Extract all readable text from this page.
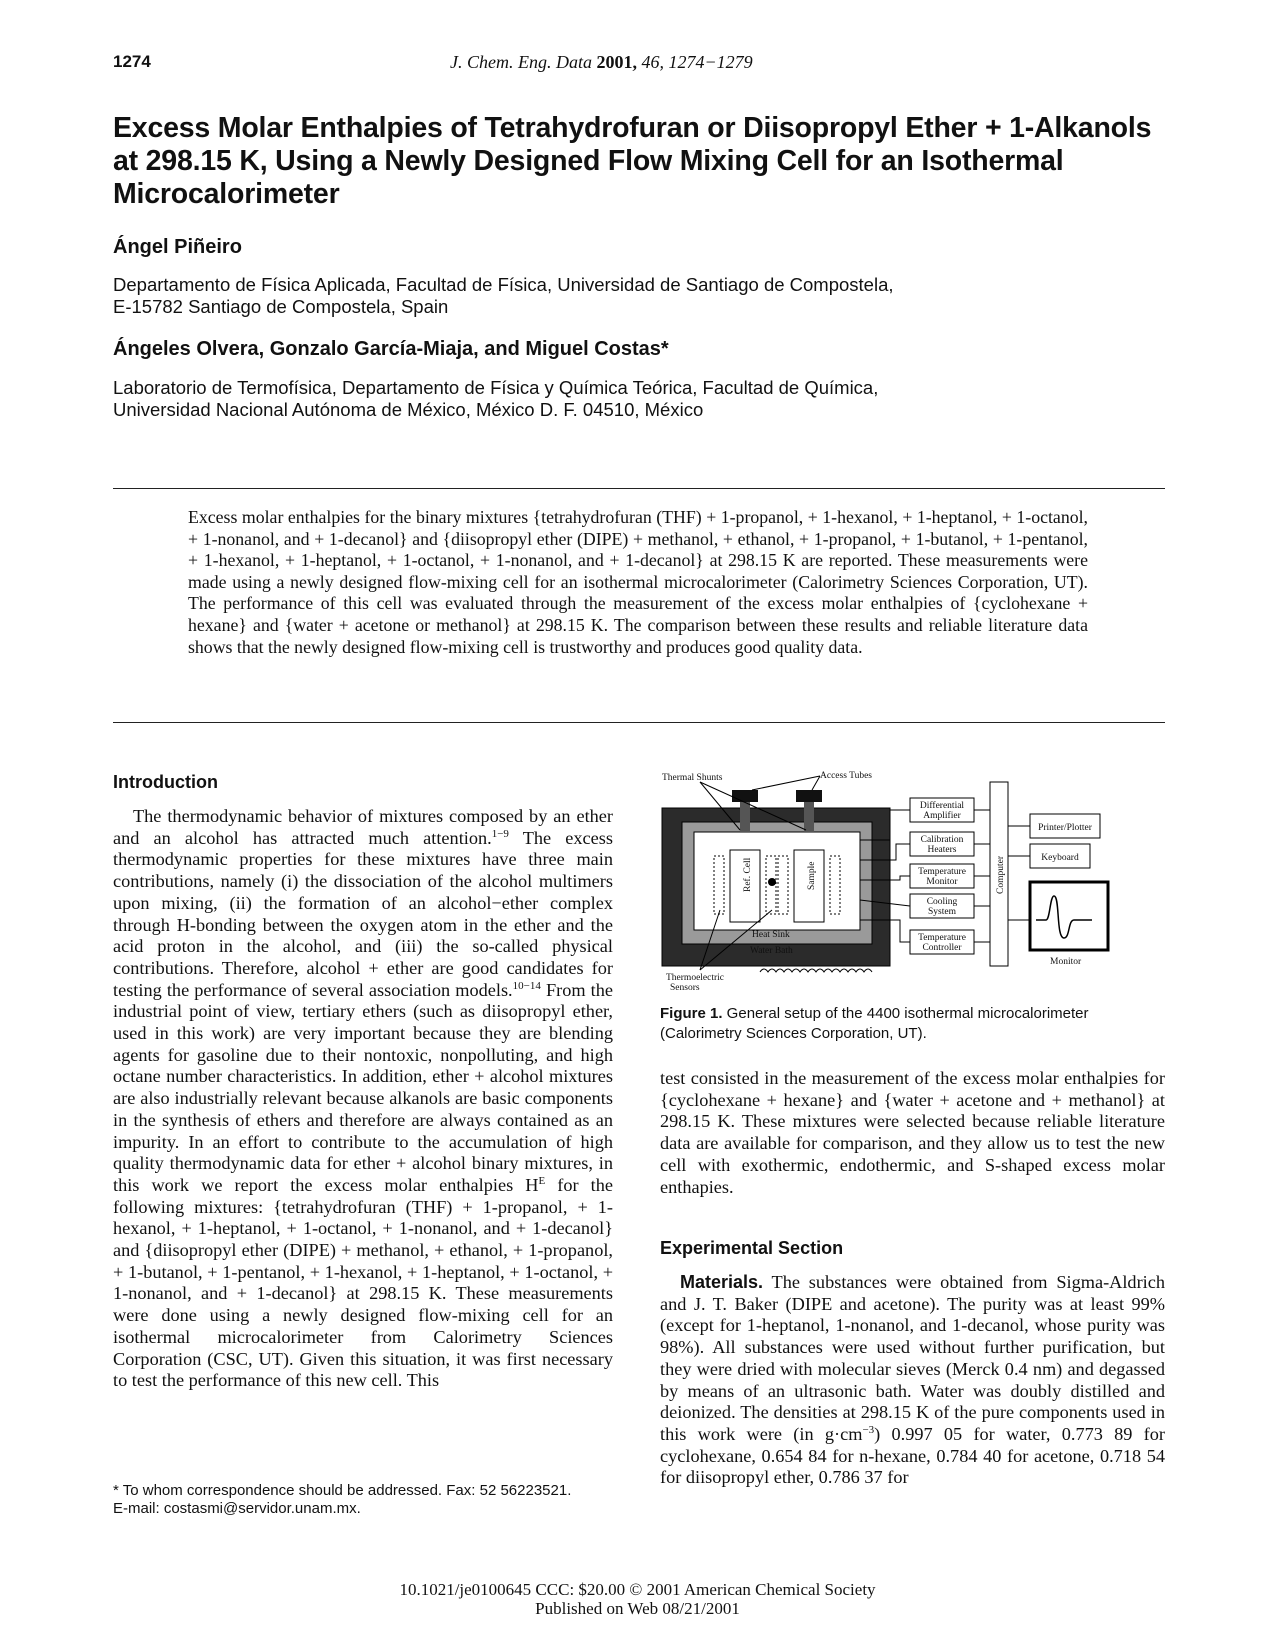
1274	J. Chem. Eng. Data 2001, 46, 1274−1279
Excess Molar Enthalpies of Tetrahydrofuran or Diisopropyl Ether + 1-Alkanols at 298.15 K, Using a Newly Designed Flow Mixing Cell for an Isothermal Microcalorimeter
Ángel Piñeiro
Departamento de Física Aplicada, Facultad de Física, Universidad de Santiago de Compostela,
E-15782 Santiago de Compostela, Spain
Ángeles Olvera, Gonzalo García-Miaja, and Miguel Costas*
Laboratorio de Termofísica, Departamento de Física y Química Teórica, Facultad de Química,
Universidad Nacional Autónoma de México, México D. F. 04510, México
Excess molar enthalpies for the binary mixtures {tetrahydrofuran (THF) + 1-propanol, + 1-hexanol, + 1-heptanol, + 1-octanol, + 1-nonanol, and + 1-decanol} and {diisopropyl ether (DIPE) + methanol, + ethanol, + 1-propanol, + 1-butanol, + 1-pentanol, + 1-hexanol, + 1-heptanol, + 1-octanol, + 1-nonanol, and + 1-decanol} at 298.15 K are reported. These measurements were made using a newly designed flow-mixing cell for an isothermal microcalorimeter (Calorimetry Sciences Corporation, UT). The performance of this cell was evaluated through the measurement of the excess molar enthalpies of {cyclohexane + hexane} and {water + acetone or methanol} at 298.15 K. The comparison between these results and reliable literature data shows that the newly designed flow-mixing cell is trustworthy and produces good quality data.
Introduction

The thermodynamic behavior of mixtures composed by an ether and an alcohol has attracted much attention.$^{1-9}$ The excess thermodynamic properties for these mixtures have three main contributions, namely (i) the dissociation of the alcohol multimers upon mixing, (ii) the formation of an alcohol−ether complex through H-bonding between the oxygen atom in the ether and the acid proton in the alcohol, and (iii) the so-called physical contributions. Therefore, alcohol + ether are good candidates for testing the performance of several association models.$^{10-14}$ From the industrial point of view, tertiary ethers (such as diisopropyl ether, used in this work) are very important because they are blending agents for gasoline due to their nontoxic, nonpolluting, and high octane number characteristics. In addition, ether + alcohol mixtures are also industrially relevant because alkanols are basic components in the synthesis of ethers and therefore are always contained as an impurity. In an effort to contribute to the accumulation of high quality thermodynamic data for ether + alcohol binary mixtures, in this work we report the excess molar enthalpies $H^E$ for the following mixtures: {tetrahydrofuran (THF) + 1-propanol, + 1-hexanol, + 1-heptanol, + 1-octanol, + 1-nonanol, and + 1-decanol} and {diisopropyl ether (DIPE) + methanol, + ethanol, + 1-propanol, + 1-butanol, + 1-pentanol, + 1-hexanol, + 1-heptanol, + 1-octanol, + 1-nonanol, and + 1-decanol} at 298.15 K. These measurements were done using a newly designed flow-mixing cell for an isothermal microcalorimeter from Calorimetry Sciences Corporation (CSC, UT). Given this situation, it was first necessary to test the performance of this new cell. This

* To whom correspondence should be addressed. Fax: 52 56223521.
E-mail: costasmi@servidor.unam.mx.
Ref. Cell	Sample
Heat Sink
Water Bath
Thermal Shunts	Access Tubes
Thermoelectric
Sensors
Differential
Amplifier
Calibration
Heaters
Temperature
Monitor
Cooling
System
Temperature
Controller
Computer
Printer/Plotter
Keyboard
Monitor
Figure 1. General setup of the 4400 isothermal microcalorimeter (Calorimetry Sciences Corporation, UT).
test consisted in the measurement of the excess molar enthalpies for {cyclohexane + hexane} and {water + acetone and + methanol} at 298.15 K. These mixtures were selected because reliable literature data are available for comparison, and they allow us to test the new cell with exothermic, endothermic, and S-shaped excess molar enthapies.
Experimental Section

Materials. The substances were obtained from Sigma-Aldrich and J. T. Baker (DIPE and acetone). The purity was at least 99% (except for 1-heptanol, 1-nonanol, and 1-decanol, whose purity was 98%). All substances were used without further purification, but they were dried with molecular sieves (Merck 0.4 nm) and degassed by means of an ultrasonic bath. Water was doubly distilled and deionized. The densities at 298.15 K of the pure components used in this work were (in $g\cdot cm^{-3}$) 0.997 05 for water, 0.773 89 for cyclohexane, 0.654 84 for n-hexane, 0.784 40 for acetone, 0.718 54 for diisopropyl ether, 0.786 37 for

10.1021/je0100645 CCC: $20.00 © 2001 American Chemical Society
Published on Web 08/21/2001
